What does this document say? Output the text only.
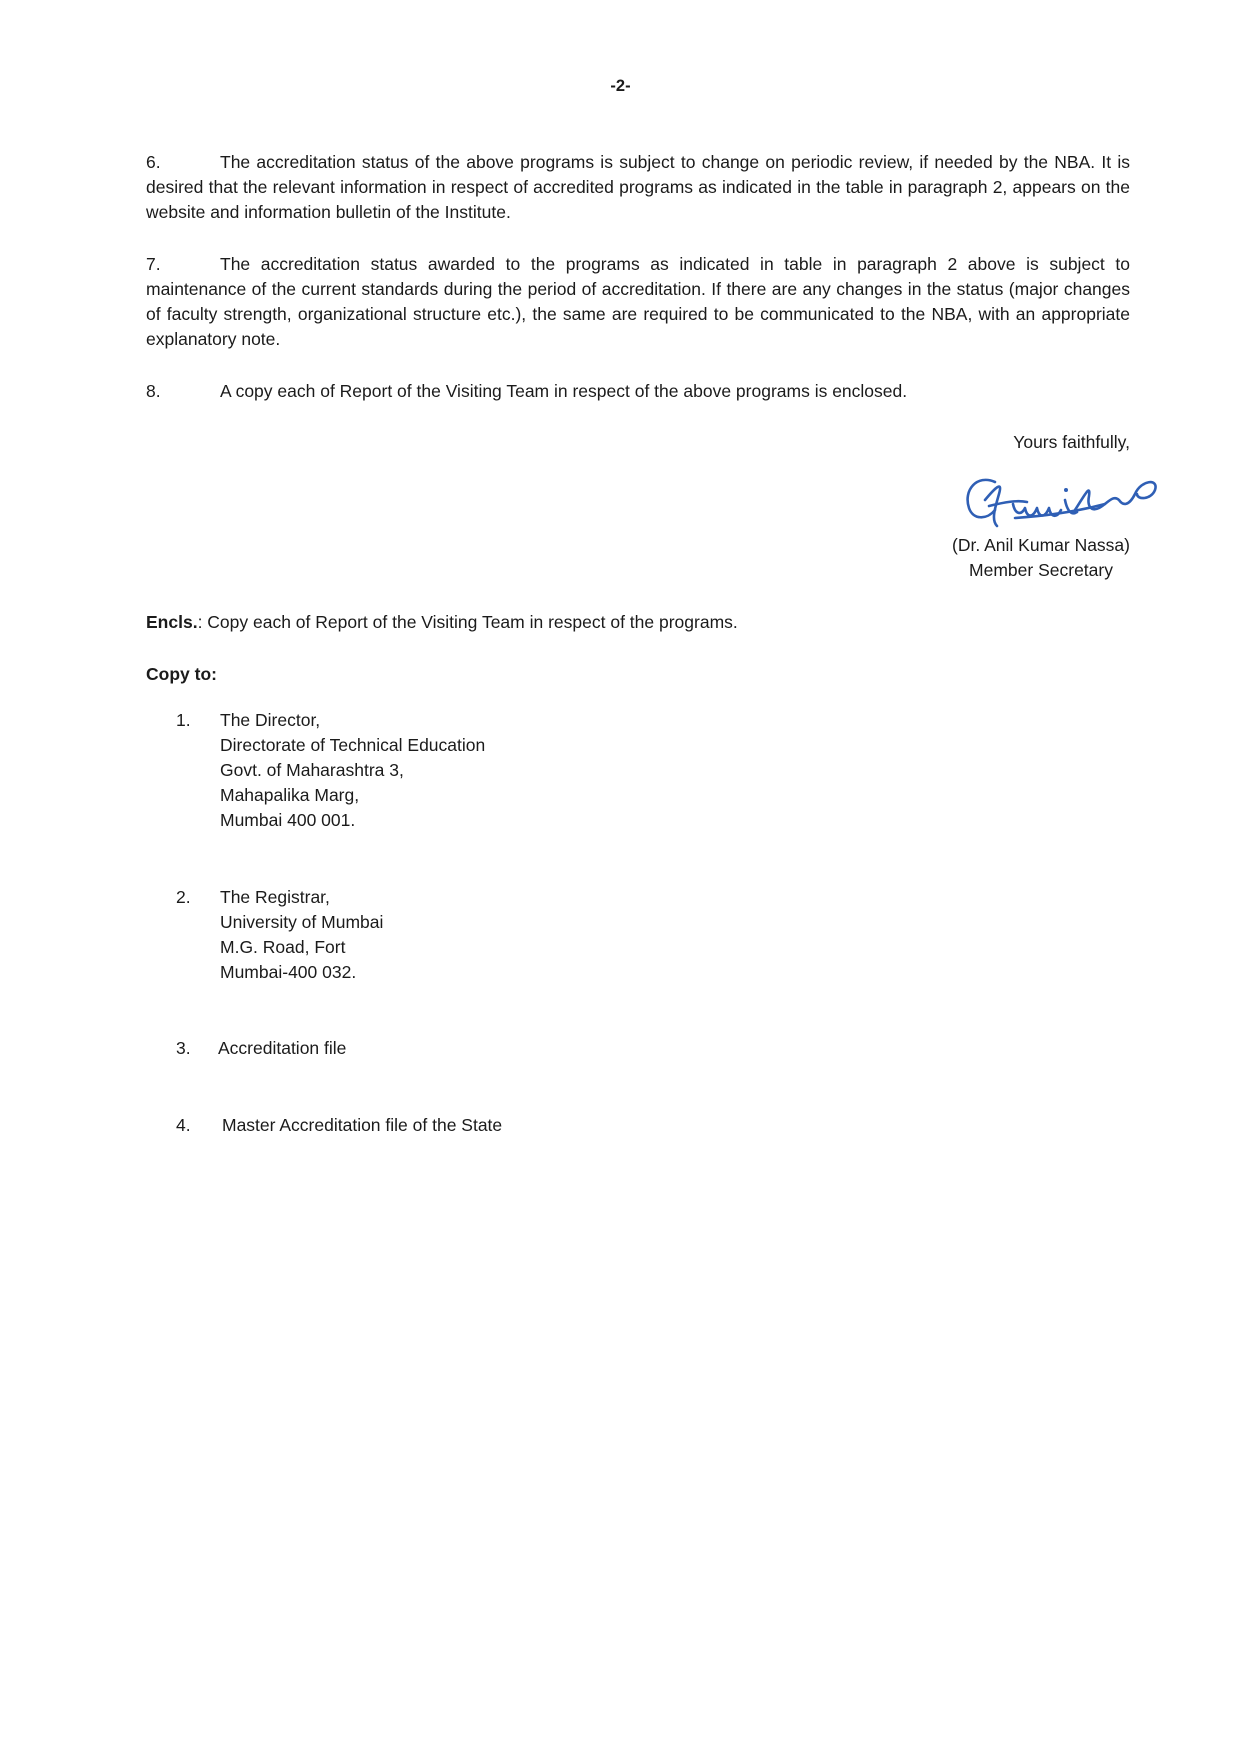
-2-
6.	The accreditation status of the above programs is subject to change on periodic review, if needed by the NBA. It is desired that the relevant information in respect of accredited programs as indicated in the table in paragraph 2, appears on the website and information bulletin of the Institute.
7.	The accreditation status awarded to the programs as indicated in table in paragraph 2 above is subject to maintenance of the current standards during the period of accreditation. If there are any changes in the status (major changes of faculty strength, organizational structure etc.), the same are required to be communicated to the NBA, with an appropriate explanatory note.
8.	A copy each of Report of the Visiting Team in respect of the above programs is enclosed.
Yours faithfully,
(Dr. Anil Kumar Nassa)
Member Secretary
Encls.: Copy each of Report of the Visiting Team in respect of the programs.
Copy to:
1.	The Director,
Directorate of Technical Education
Govt. of Maharashtra 3,
Mahapalika Marg,
Mumbai 400 001.
2.	The Registrar,
University of Mumbai
M.G. Road, Fort
Mumbai-400 032.
3.	Accreditation file
4.	Master Accreditation file of the State
